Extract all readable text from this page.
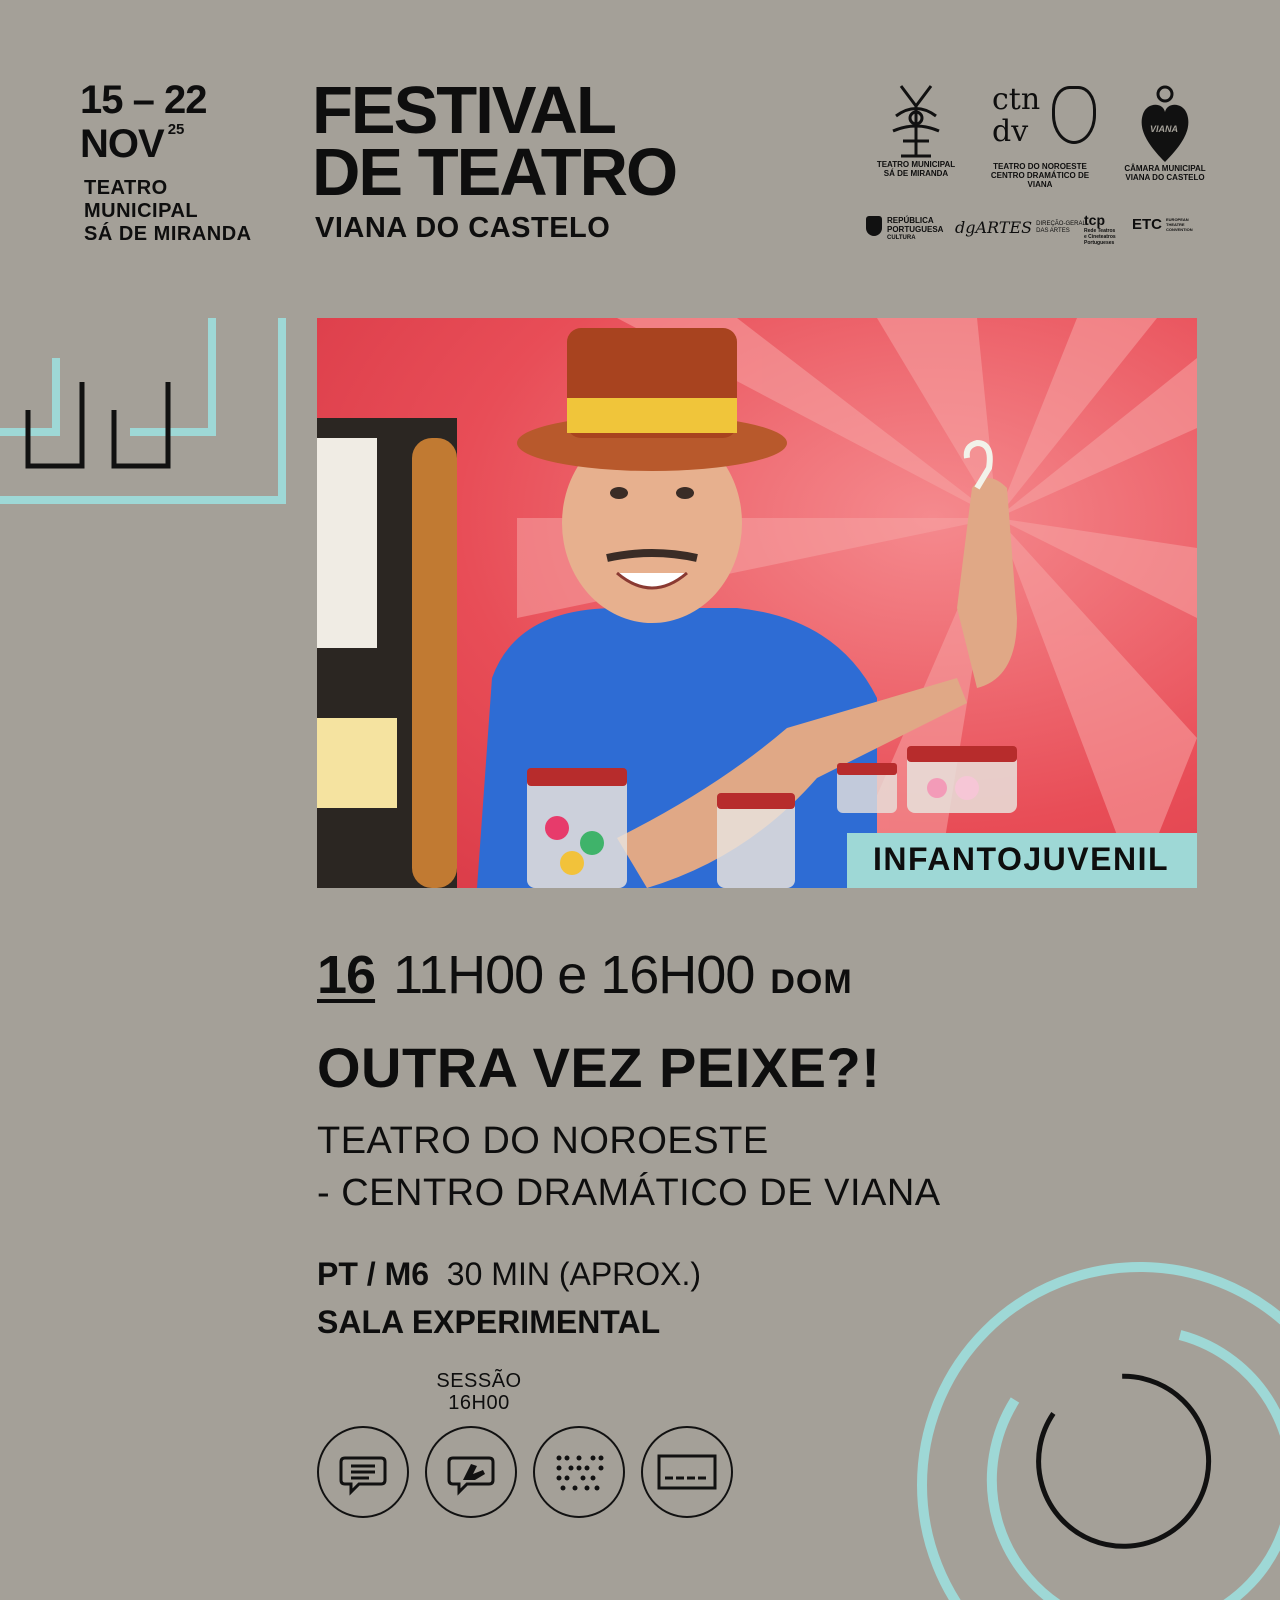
15 – 22
NOV 25
TEATRO
MUNICIPAL
SÁ DE MIRANDA
FESTIVAL
DE TEATRO
VIANA DO CASTELO
TEATRO MUNICIPAL
SÁ DE MIRANDA
ctn dv
TEATRO DO NOROESTE
CENTRO DRAMÁTICO DE VIANA
VIANA
CÂMARA MUNICIPAL
VIANA DO CASTELO
REPÚBLICA
PORTUGUESA
CULTURA
dgARTES DIREÇÃO-GERAL
DAS ARTES
tcp
Rede Teatros
e Cineteatros
Portugueses
ETC EUROPEAN
THEATRE
CONVENTION
INFANTOJUVENIL
16 11H00 e 16H00 DOM
OUTRA VEZ PEIXE?!
TEATRO DO NOROESTE
- CENTRO DRAMÁTICO DE VIANA
PT / M6 30 MIN (APROX.)
SALA EXPERIMENTAL
SESSÃO
16H00
